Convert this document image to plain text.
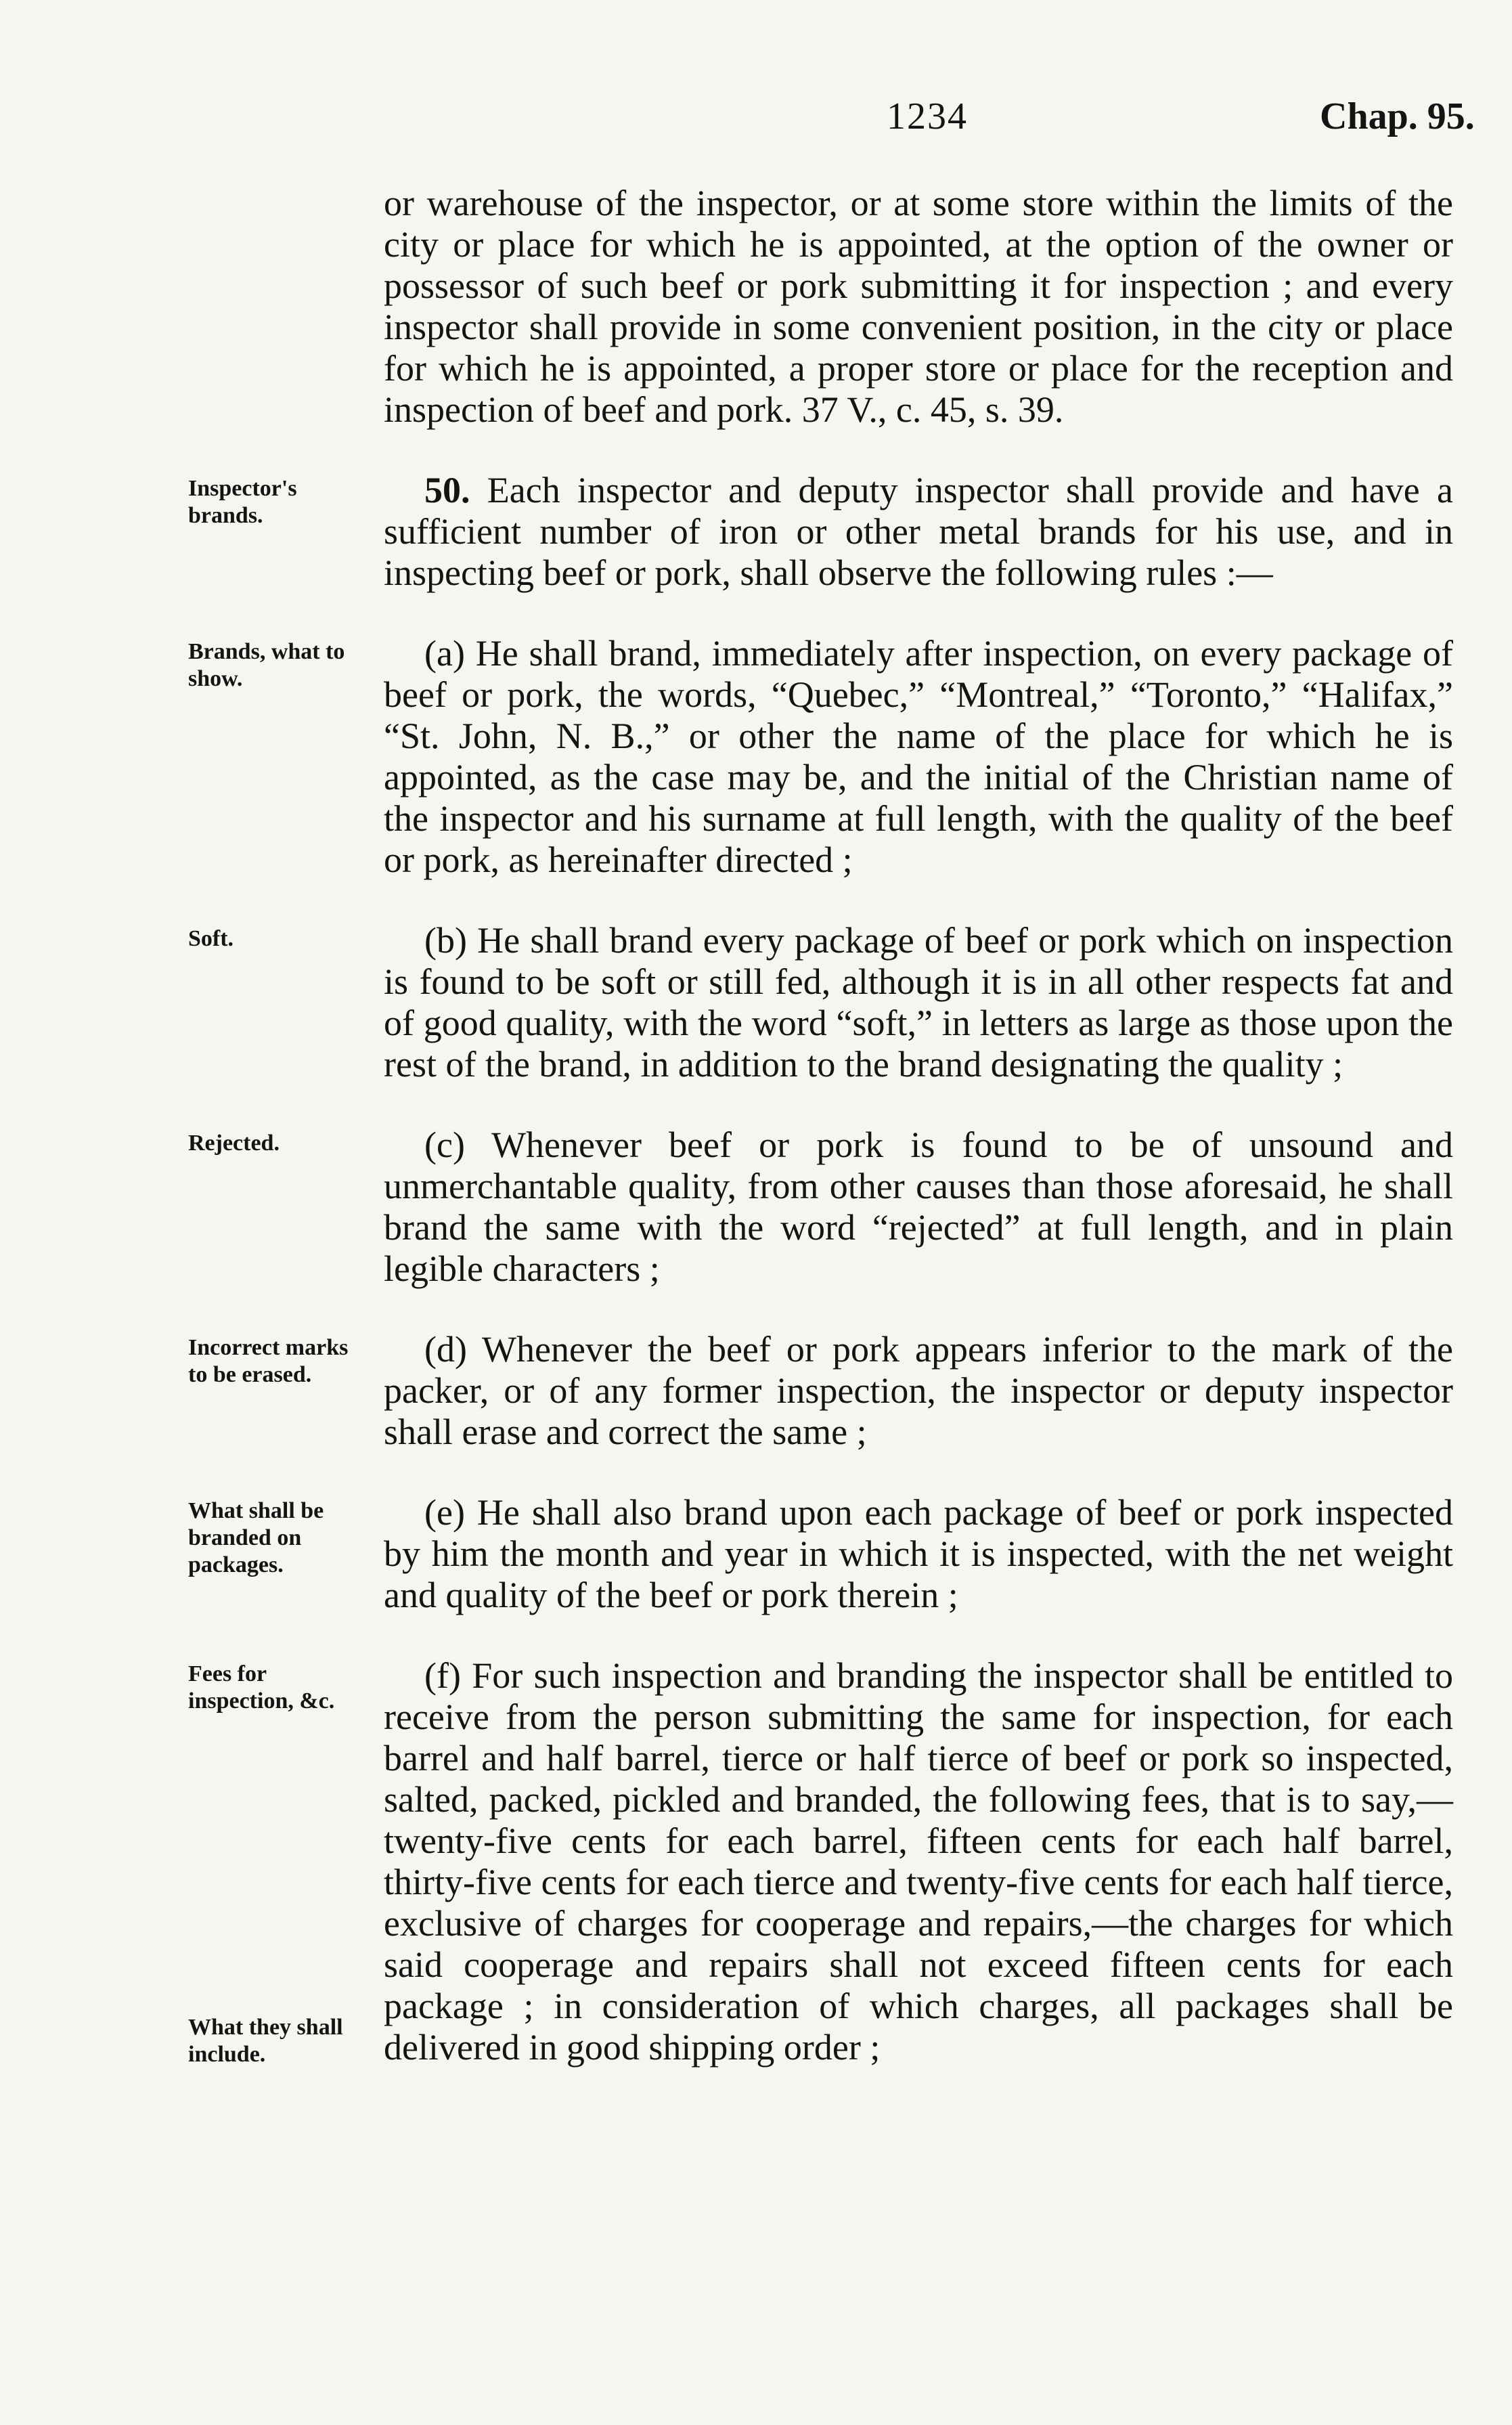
1234	Chap. 95.
or warehouse of the inspector, or at some store within the limits of the city or place for which he is appointed, at the option of the owner or possessor of such beef or pork submitting it for inspection ; and every inspector shall provide in some convenient position, in the city or place for which he is appointed, a proper store or place for the reception and inspection of beef and pork. 37 V., c. 45, s. 39.
Inspector's brands.
50. Each inspector and deputy inspector shall provide and have a sufficient number of iron or other metal brands for his use, and in inspecting beef or pork, shall observe the following rules :—
Brands, what to show.
(a) He shall brand, immediately after inspection, on every package of beef or pork, the words, “Quebec,” “Montreal,” “Toronto,” “Halifax,” “St. John, N. B.,” or other the name of the place for which he is appointed, as the case may be, and the initial of the Christian name of the inspector and his surname at full length, with the quality of the beef or pork, as hereinafter directed ;
Soft.	(b) He shall brand every package of beef or pork which on inspection is found to be soft or still fed, although it is in all other respects fat and of good quality, with the word “soft,” in letters as large as those upon the rest of the brand, in addition to the brand designating the quality ;
Rejected.	(c) Whenever beef or pork is found to be of unsound and unmerchantable quality, from other causes than those aforesaid, he shall brand the same with the word “rejected” at full length, and in plain legible characters ;
Incorrect marks to be erased.
(d) Whenever the beef or pork appears inferior to the mark of the packer, or of any former inspection, the inspector or deputy inspector shall erase and correct the same ;
What shall be branded on packages.
(e) He shall also brand upon each package of beef or pork inspected by him the month and year in which it is inspected, with the net weight and quality of the beef or pork therein ;
Fees for inspection, &c.
What they shall include.
(f) For such inspection and branding the inspector shall be entitled to receive from the person submitting the same for inspection, for each barrel and half barrel, tierce or half tierce of beef or pork so inspected, salted, packed, pickled and branded, the following fees, that is to say,—twenty-five cents for each barrel, fifteen cents for each half barrel, thirty-five cents for each tierce and twenty-five cents for each half tierce, exclusive of charges for cooperage and repairs,—the charges for which said cooperage and repairs shall not exceed fifteen cents for each package ; in consideration of which charges, all packages shall be delivered in good shipping order ;
